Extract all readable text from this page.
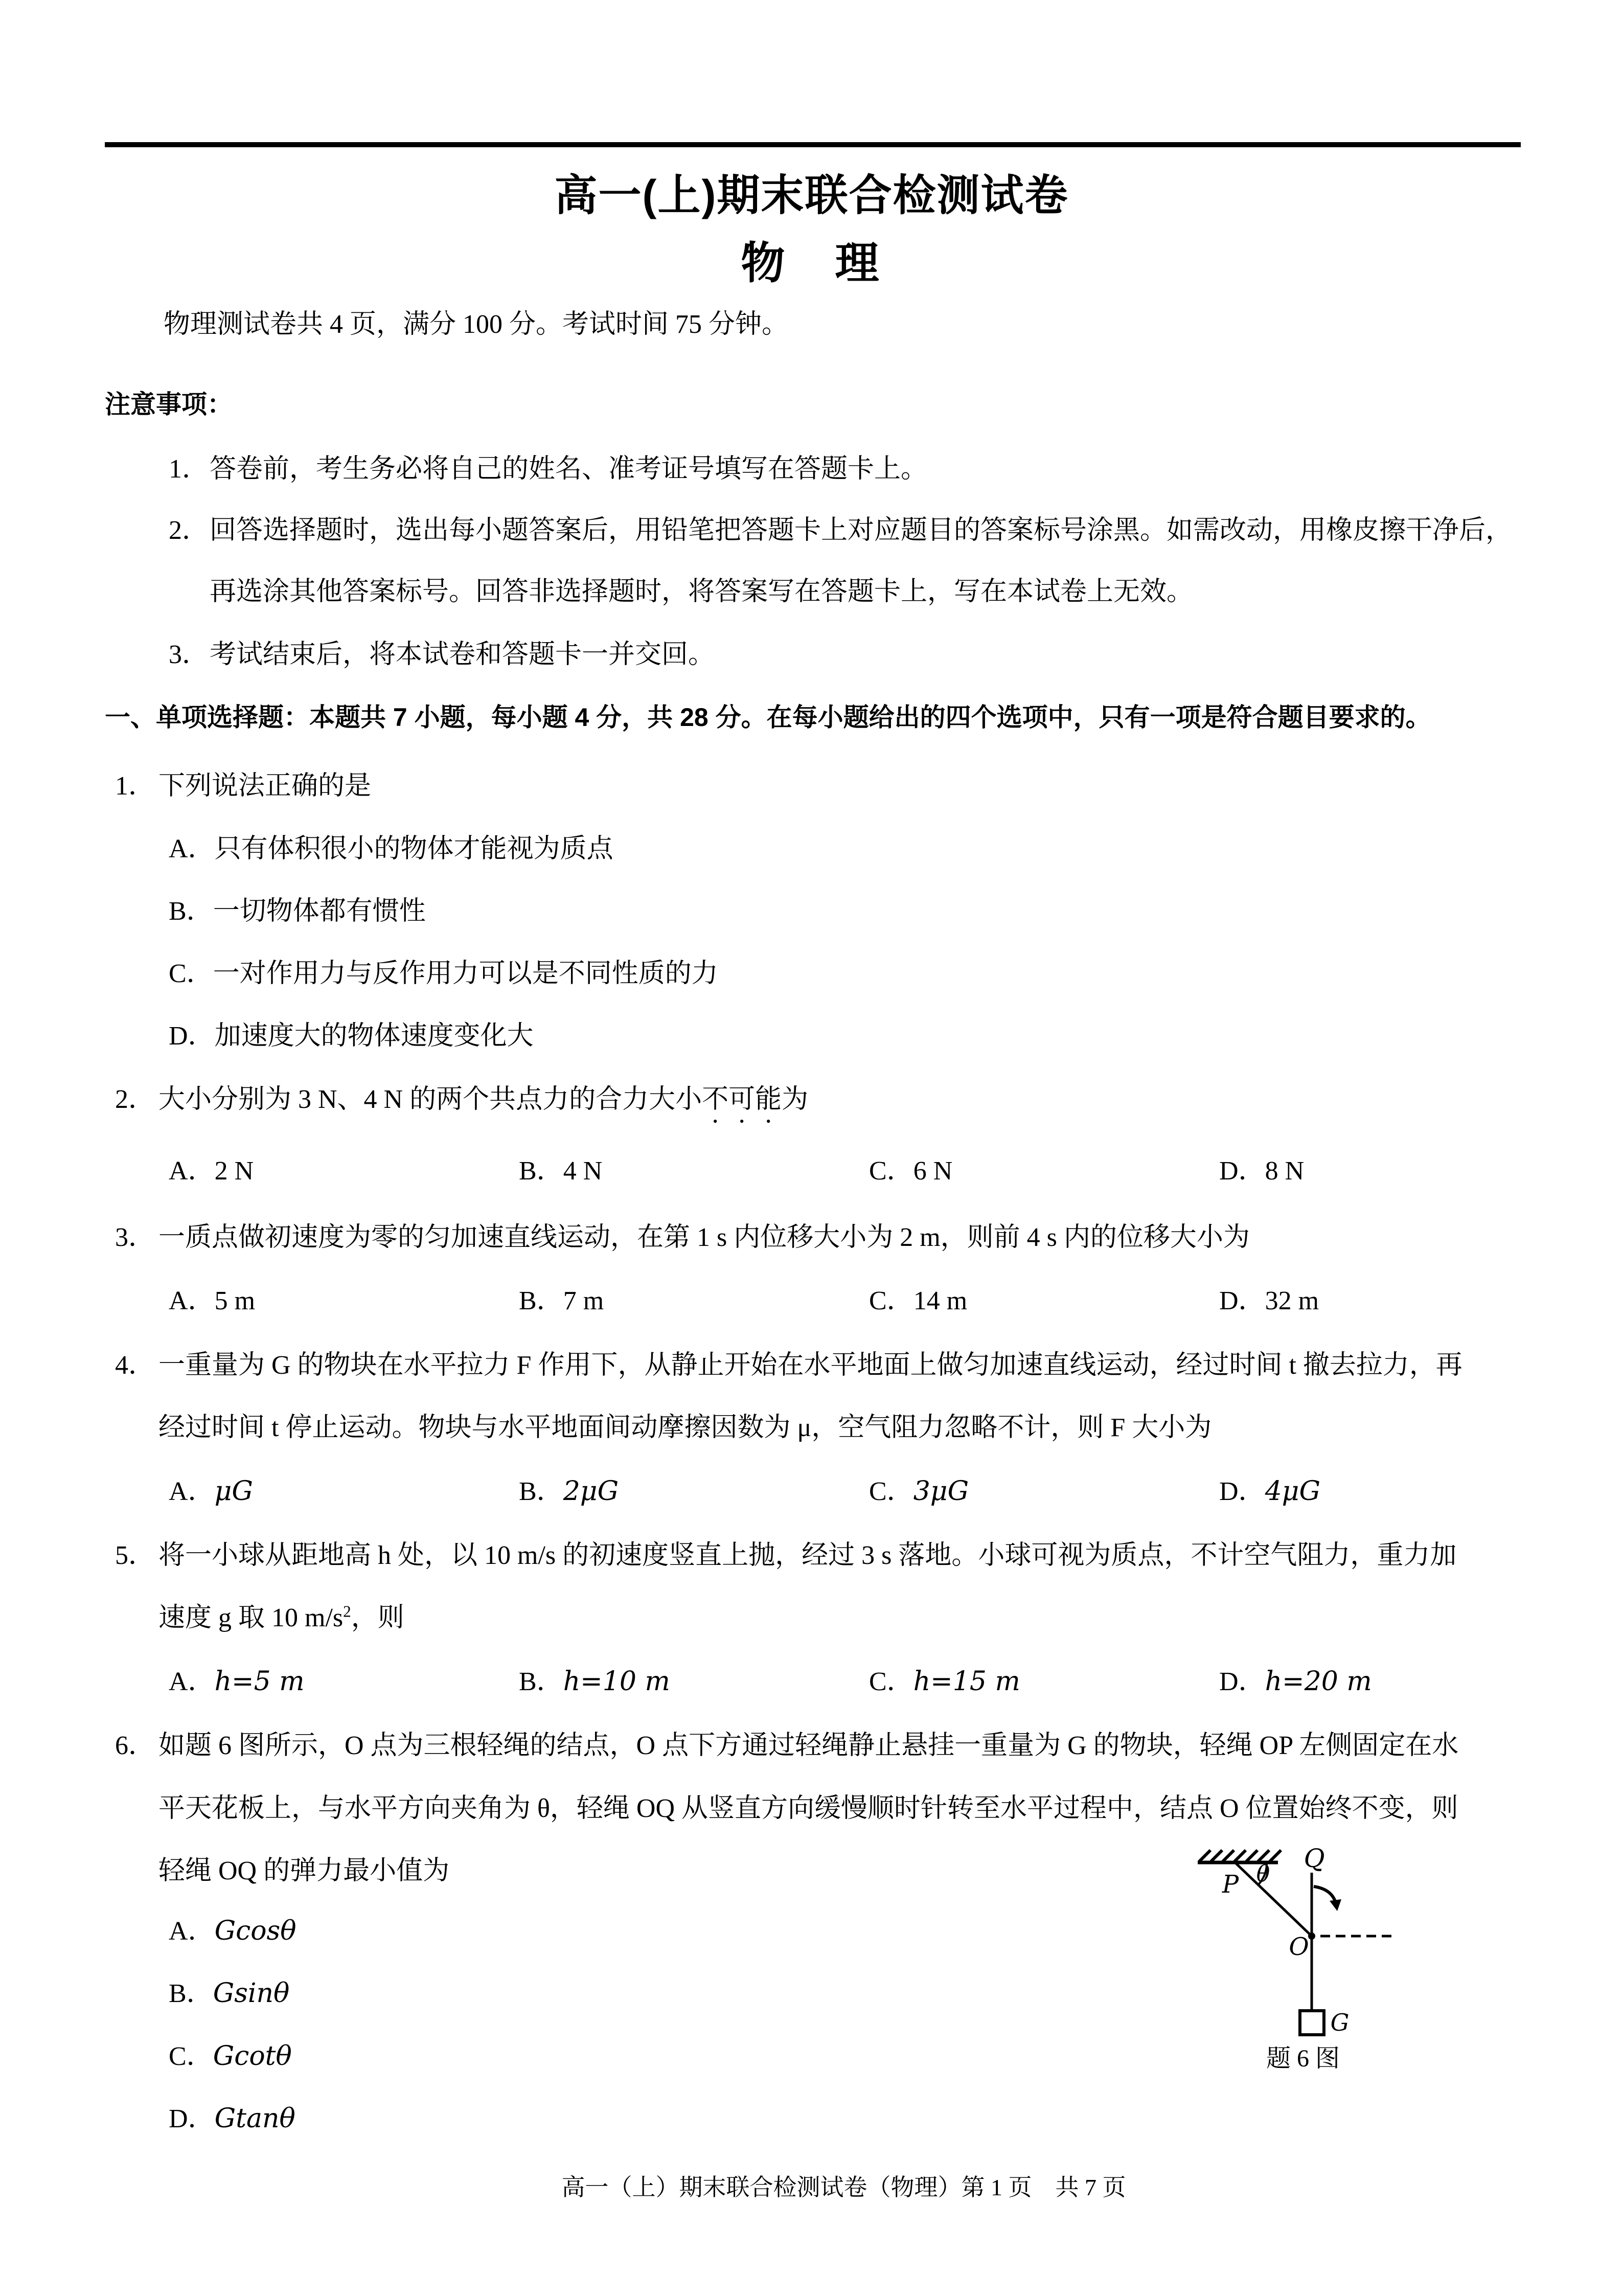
高一(上)期末联合检测试卷
物　理
物理测试卷共 4 页，满分 100 分。考试时间 75 分钟。
注意事项：
1．答卷前，考生务必将自己的姓名、准考证号填写在答题卡上。
2．回答选择题时，选出每小题答案后，用铅笔把答题卡上对应题目的答案标号涂黑。如需改动，用橡皮擦干净后，
再选涂其他答案标号。回答非选择题时，将答案写在答题卡上，写在本试卷上无效。
3．考试结束后，将本试卷和答题卡一并交回。
一、单项选择题：本题共 7 小题，每小题 4 分，共 28 分。在每小题给出的四个选项中，只有一项是符合题目要求的。
1． 下列说法正确的是
A．只有体积很小的物体才能视为质点
B．一切物体都有惯性
C．一对作用力与反作用力可以是不同性质的力
D．加速度大的物体速度变化大
2． 大小分别为 3 N、4 N 的两个共点力的合力大小不可能为
A．2 N	B．4 N	C．6 N	D．8 N
3． 一质点做初速度为零的匀加速直线运动，在第 1 s 内位移大小为 2 m，则前 4 s 内的位移大小为
A．5 m	B．7 m	C．14 m	D．32 m
4． 一重量为 G 的物块在水平拉力 F 作用下，从静止开始在水平地面上做匀加速直线运动，经过时间 t 撤去拉力，再
经过时间 t 停止运动。物块与水平地面间动摩擦因数为 μ，空气阻力忽略不计，则 F 大小为
A．μG	B．2μG	C．3μG	D．4μG
5． 将一小球从距地高 h 处，以 10 m/s 的初速度竖直上抛，经过 3 s 落地。小球可视为质点，不计空气阻力，重力加
速度 g 取 10 $m/s^2$，则
A．h=5 m	B．h=10 m	C．h=15 m	D．h=20 m
6． 如题 6 图所示，O 点为三根轻绳的结点，O 点下方通过轻绳静止悬挂一重量为 G 的物块，轻绳 OP 左侧固定在水
平天花板上，与水平方向夹角为 θ，轻绳 OQ 从竖直方向缓慢顺时针转至水平过程中，结点 O 位置始终不变，则
轻绳 OQ 的弹力最小值为
A．Gcosθ
B．Gsinθ
C．Gcotθ
D．Gtanθ
P θ
Q
O
G
题 6 图
高一（上）期末联合检测试卷（物理）第 1 页　共 7 页
